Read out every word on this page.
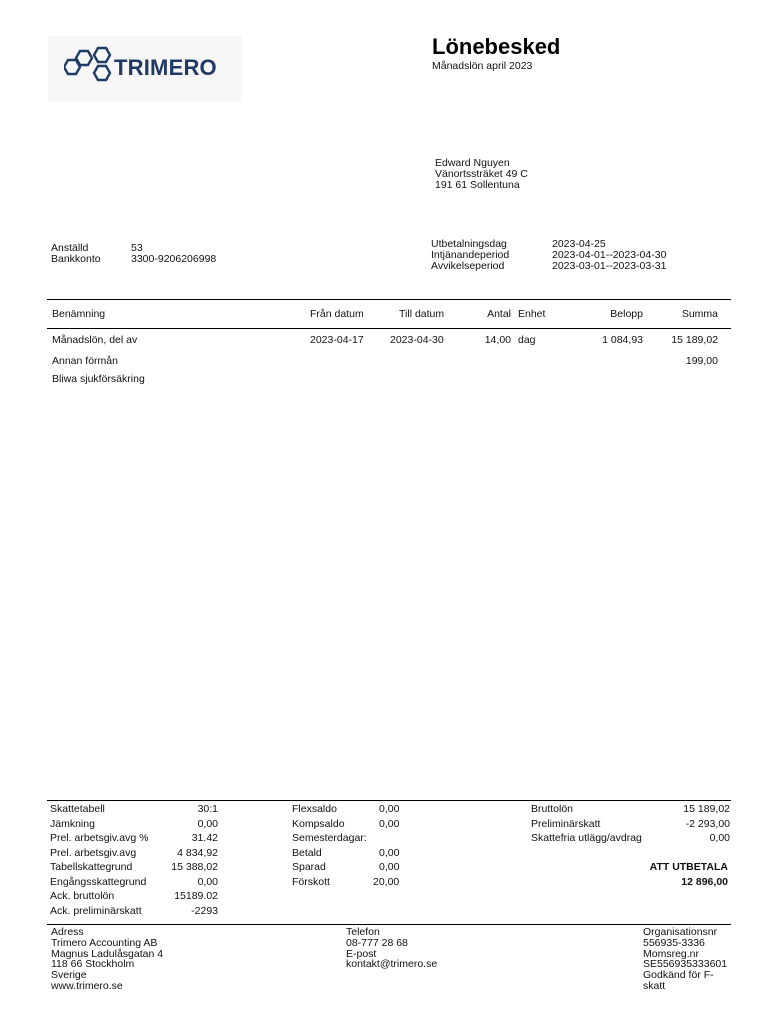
TRIMERO
Lönebesked
Månadslön april 2023
Edward Nguyen
Vänortssträket 49 C
191 61 Sollentuna
Anställd	53
Bankkonto	3300-9206206998
Utbetalningsdag	2023-04-25
Intjänandeperiod	2023-04-01--2023-04-30
Avvikelseperiod	2023-03-01--2023-03-31
Benämning	Från datum	Till datum	Antal Enhet	Belopp	Summa
Månadslön, del av	2023-04-17	2023-04-30	14,00 dag	1 084,93	15 189,02
Annan förmån	199,00
Bliwa sjukförsäkring
Skattetabell	30:1
Jämkning	0,00
Prel. arbetsgiv.avg %	31.42
Prel. arbetsgiv.avg	4 834,92
Tabellskattegrund	15 388,02
Engångsskattegrund	0,00
Ack. bruttolön	15189.02
Ack. preliminärskatt	-2293
Flexsaldo	0,00
Kompsaldo	0,00
Semesterdagar:
Betald	0,00
Sparad	0,00
Förskott	20,00
Bruttolön	15 189,02
Preliminärskatt	-2 293,00
Skattefria utlägg/avdrag	0,00
ATT UTBETALA
12 896,00
Adress
Trimero Accounting AB
Magnus Ladulåsgatan 4
118 66 Stockholm
Sverige
www.trimero.se
Telefon
08-777 28 68
E-post
kontakt@trimero.se
Organisationsnr
556935-3336
Momsreg.nr
SE556935333601
Godkänd för F-
skatt
